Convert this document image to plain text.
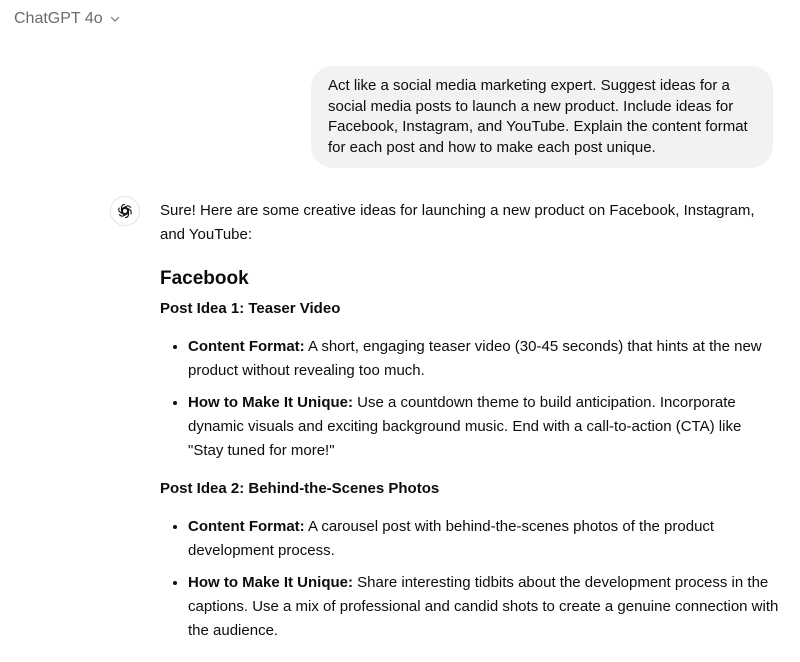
ChatGPT 4o
Act like a social media marketing expert. Suggest ideas for a social media posts to launch a new product. Include ideas for Facebook, Instagram, and YouTube. Explain the content format for each post and how to make each post unique.

Sure! Here are some creative ideas for launching a new product on Facebook, Instagram, and YouTube:

Facebook
Post Idea 1: Teaser Video
• Content Format: A short, engaging teaser video (30-45 seconds) that hints at the new product without revealing too much.
• How to Make It Unique: Use a countdown theme to build anticipation. Incorporate dynamic visuals and exciting background music. End with a call-to-action (CTA) like "Stay tuned for more!"
Post Idea 2: Behind-the-Scenes Photos
• Content Format: A carousel post with behind-the-scenes photos of the product development process.
• How to Make It Unique: Share interesting tidbits about the development process in the captions. Use a mix of professional and candid shots to create a genuine connection with the audience.
